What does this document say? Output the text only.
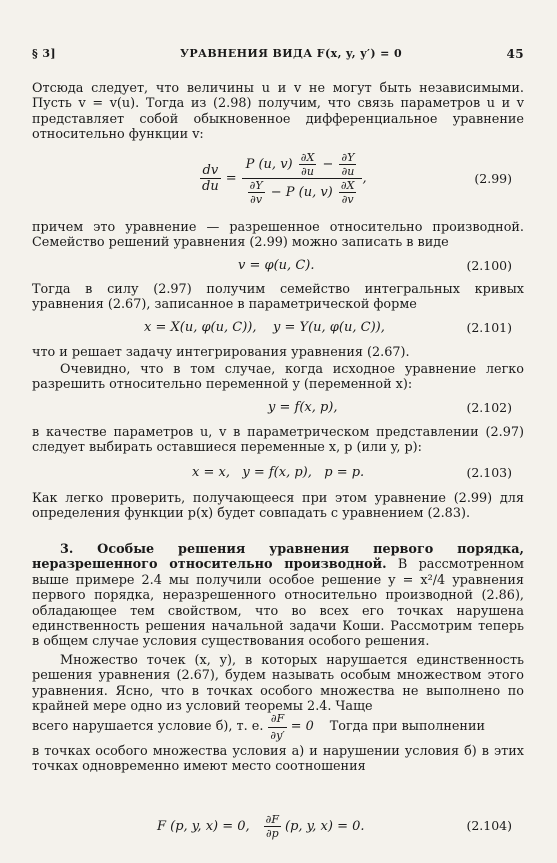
§ 3]	УРАВНЕНИЯ ВИДА F(x, y, y′) = 0	45
Отсюда следует, что величины u и v не могут быть независимыми. Пусть v = v(u). Тогда из (2.98) получим, что связь параметров u и v представляет собой обыкновенное дифференциальное уравнение относительно функции v:
$\frac{dv}{du}$ =
P (u, $v) \frac{\partial X}{\partial u} - \frac{\partial Y}{\partial u}$
$\frac{\partial Y}{\partial v} - P$ (u, $v) \frac{\partial X}{\partial v}$
,	(2.99)
причем это уравнение — разрешенное относительно производной. Семейство решений уравнения (2.99) можно записать в виде
v = φ(u, C).	(2.100)
Тогда в силу (2.97) получим семейство интегральных кривых уравнения (2.67), записанное в параметрической форме
x = X(u, φ(u, C)),    y = Y(u, φ(u, C)),	(2.101)
что и решает задачу интегрирования уравнения (2.67).
Очевидно, что в том случае, когда исходное уравнение легко разрешить относительно переменной y (переменной x):
y = f(x, p),	(2.102)
в качестве параметров u, v в параметрическом представлении (2.97) следует выбирать оставшиеся переменные x, p (или y, p):
x = x,   y = f(x, p),   p = p.	(2.103)
Как легко проверить, получающееся при этом уравнение (2.99) для определения функции p(x) будет совпадать с уравнением (2.83).
3. Особые решения уравнения первого порядка, неразрешенного относительно производной. В рассмотренном выше примере 2.4 мы получили особое решение y = x²/4 уравнения первого порядка, неразрешенного относительно производной (2.86), обладающее тем свойством, что во всех его точках нарушена единственность решения начальной задачи Коши. Рассмотрим теперь в общем случае условия существования особого решения.
Множество точек (x, y), в которых нарушается единственность решения уравнения (2.67), будем называть особым множеством этого уравнения. Ясно, что в точках особого множества не выполнено по крайней мере одно из условий теоремы 2.4. Чаще
всего нарушается условие б), т. е. $\frac{\partial F}{\partial y'} = 0$ Тогда при выполнении
в точках особого множества условия а) и нарушении условия б) в этих точках одновременно имеют место соотношения
F (p, y, x) = 0, $\frac{\partial F}{\partial p} (p$, y, x) = 0.	(2.104)
